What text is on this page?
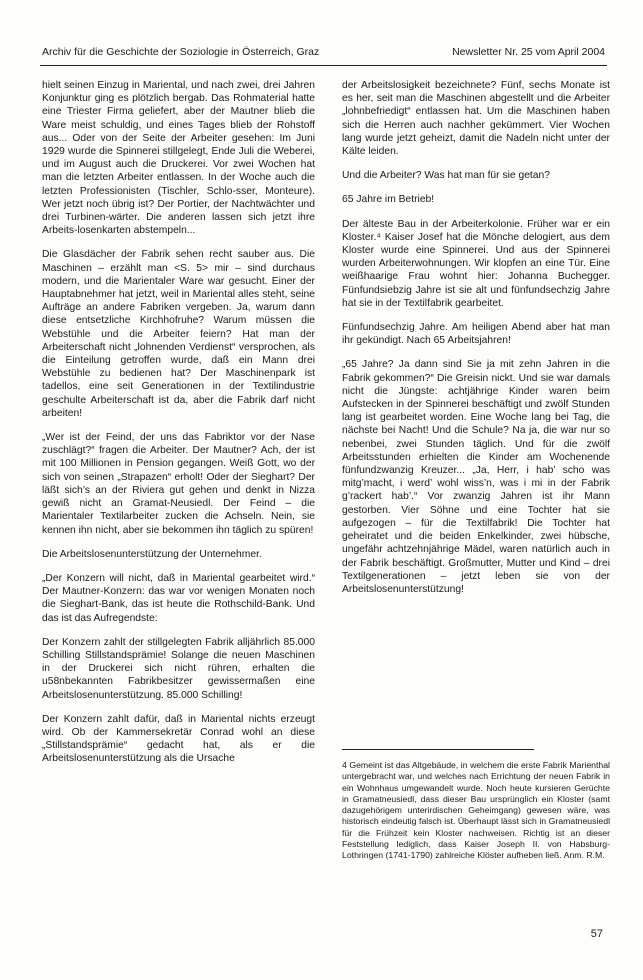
Archiv für die Geschichte der Soziologie in Österreich, Graz	Newsletter Nr. 25 vom April 2004

hielt seinen Einzug in Mariental, und nach zwei, drei Jahren Konjunktur ging es plötzlich bergab. Das Rohmaterial hatte eine Triester Firma geliefert, aber der Mautner blieb die Ware meist schuldig, und eines Tages blieb der Rohstoff aus... Oder von der Seite der Arbeiter gesehen: Im Juni 1929 wurde die Spinnerei stillgelegt, Ende Juli die Weberei, und im August auch die Druckerei. Vor zwei Wochen hat man die letzten Arbeiter entlassen. In der Woche auch die letzten Professionisten (Tischler, Schlo-sser, Monteure). Wer jetzt noch übrig ist? Der Portier, der Nachtwächter und drei Turbinen-wärter. Die anderen lassen sich jetzt ihre Arbeits-losenkarten abstempeln...

Die Glasdächer der Fabrik sehen recht sauber aus. Die Maschinen – erzählt man <S. 5> mir – sind durchaus modern, und die Marientaler Ware war gesucht. Einer der Hauptabnehmer hat jetzt, weil in Mariental alles steht, seine Aufträge an andere Fabriken vergeben. Ja, warum dann diese entsetzliche Kirchhofruhe? Warum müssen die Webstühle und die Arbeiter feiern? Hat man der Arbeiterschaft nicht „lohnenden Verdienst“ versprochen, als die Einteilung getroffen wurde, daß ein Mann drei Webstühle zu bedienen hat? Der Maschinenpark ist tadellos, eine seit Generationen in der Textilindustrie geschulte Arbeiterschaft ist da, aber die Fabrik darf nicht arbeiten!

„Wer ist der Feind, der uns das Fabriktor vor der Nase zuschlägt?“ fragen die Arbeiter. Der Mautner? Ach, der ist mit 100 Millionen in Pension gegangen. Weiß Gott, wo der sich von seinen „Strapazen“ erholt! Oder der Sieghart? Der läßt sich’s an der Riviera gut gehen und denkt in Nizza gewiß nicht an Gramat-Neusiedl. Der Feind – die Marientaler Textilarbeiter zucken die Achseln. Nein, sie kennen ihn nicht, aber sie bekommen ihn täglich zu spüren!

Die Arbeitslosenunterstützung der Unternehmer.

„Der Konzern will nicht, daß in Mariental gearbeitet wird.“ Der Mautner-Konzern: das war vor wenigen Monaten noch die Sieghart-Bank, das ist heute die Rothschild-Bank. Und das ist das Aufregendste:

Der Konzern zahlt der stillgelegten Fabrik alljährlich 85.000 Schilling Stillstandsprämie! Solange die neuen Maschinen in der Druckerei sich nicht rühren, erhalten die u58nbekannten Fabrikbesitzer gewissermaßen eine Arbeitslosenunterstützung. 85.000 Schilling!

Der Konzern zahlt dafür, daß in Mariental nichts erzeugt wird. Ob der Kammersekretär Conrad wohl an diese „Stillstandsprämie“ gedacht hat, als er die Arbeitslosenunterstützung als die Ursache

der Arbeitslosigkeit bezeichnete? Fünf, sechs Monate ist es her, seit man die Maschinen abgestellt und die Arbeiter „lohnbefriedigt“ entlassen hat. Um die Maschinen haben sich die Herren auch nachher gekümmert. Vier Wochen lang wurde jetzt geheizt, damit die Nadeln nicht unter der Kälte leiden.

Und die Arbeiter? Was hat man für sie getan?

65 Jahre im Betrieb!

Der älteste Bau in der Arbeiterkolonie. Früher war er ein Kloster.⁴ Kaiser Josef hat die Mönche delogiert, aus dem Kloster wurde eine Spinnerei. Und aus der Spinnerei wurden Arbeiterwohnungen. Wir klopfen an eine Tür. Eine weißhaarige Frau wohnt hier: Johanna Buchegger. Fünfundsiebzig Jahre ist sie alt und fünfundsechzig Jahre hat sie in der Textilfabrik gearbeitet.

Fünfundsechzig Jahre. Am heiligen Abend aber hat man ihr gekündigt. Nach 65 Arbeitsjahren!

„65 Jahre? Ja dann sind Sie ja mit zehn Jahren in die Fabrik gekommen?“ Die Greisin nickt. Und sie war damals nicht die Jüngste: achtjährige Kinder waren beim Aufstecken in der Spinnerei beschäftigt und zwölf Stunden lang ist gearbeitet worden. Eine Woche lang bei Tag, die nächste bei Nacht! Und die Schule? Na ja, die war nur so nebenbei, zwei Stunden täglich. Und für die zwölf Arbeitsstunden erhielten die Kinder am Wochenende fünfundzwanzig Kreuzer... „Ja, Herr, i hab’ scho was mitg’macht, i werd’ wohl wiss’n, was i mi in der Fabrik g’rackert hab’.“ Vor zwanzig Jahren ist ihr Mann gestorben. Vier Söhne und eine Tochter hat sie aufgezogen – für die Textilfabrik! Die Tochter hat geheiratet und die beiden Enkelkinder, zwei hübsche, ungefähr achtzehnjährige Mädel, waren natürlich auch in der Fabrik beschäftigt. Großmutter, Mutter und Kind – drei Textilgenerationen – jetzt leben sie von der Arbeitslosenunterstützung!

4 Gemeint ist das Altgebäude, in welchem die erste Fabrik Marienthal untergebracht war, und welches nach Errichtung der neuen Fabrik in ein Wohnhaus umgewandelt wurde. Noch heute kursieren Gerüchte in Gramatneusiedl, dass dieser Bau ursprünglich ein Kloster (samt dazugehörigem unterirdischen Geheimgang) gewesen wäre, was historisch eindeutig falsch ist. Überhaupt lässt sich in Gramatneusiedl für die Frühzeit kein Kloster nachweisen. Richtig ist an dieser Feststellung lediglich, dass Kaiser Joseph II. von Habsburg-Lothringen (1741-1790) zahlreiche Klöster aufheben ließ. Anm. R.M.
57
